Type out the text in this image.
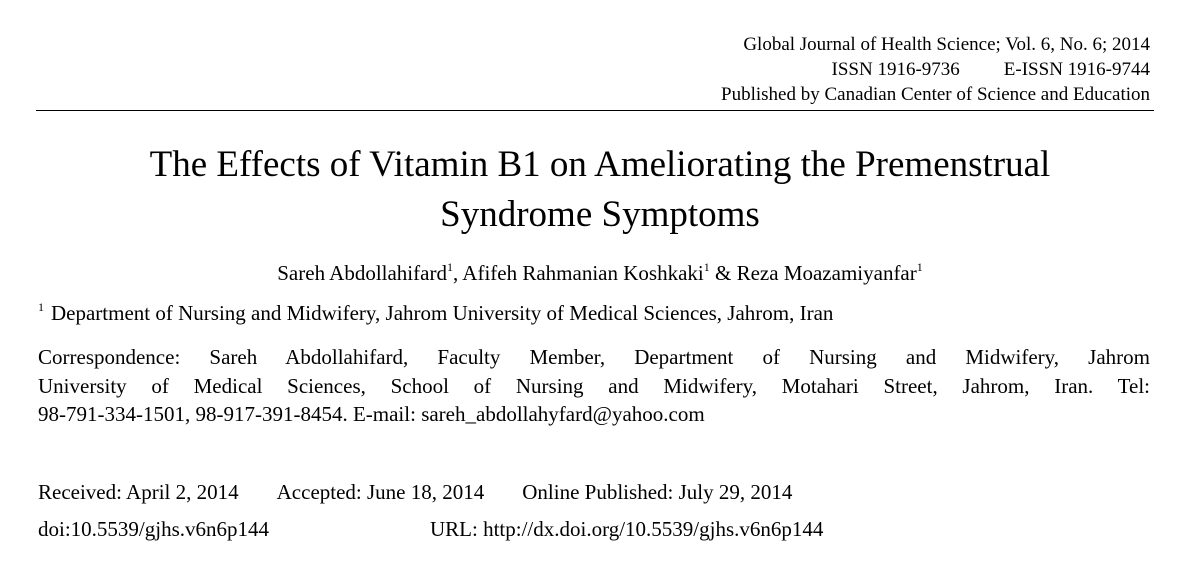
Global Journal of Health Science; Vol. 6, No. 6; 2014
ISSN 1916-9736 E-ISSN 1916-9744
Published by Canadian Center of Science and Education
The Effects of Vitamin B1 on Ameliorating the Premenstrual
Syndrome Symptoms
Sareh Abdollahifard$^1$, Afifeh Rahmanian Koshkaki$^1$ & Reza Moazamiyanfar$^1$
$^1$ Department of Nursing and Midwifery, Jahrom University of Medical Sciences, Jahrom, Iran
Correspondence: Sareh Abdollahifard, Faculty Member, Department of Nursing and Midwifery, Jahrom
University of Medical Sciences, School of Nursing and Midwifery, Motahari Street, Jahrom, Iran. Tel:
98-791-334-1501, 98-917-391-8454. E-mail: sareh_abdollahyfard@yahoo.com
Received: April 2, 2014 Accepted: June 18, 2014 Online Published: July 29, 2014
doi:10.5539/gjhs.v6n6p144	URL: http://dx.doi.org/10.5539/gjhs.v6n6p144
